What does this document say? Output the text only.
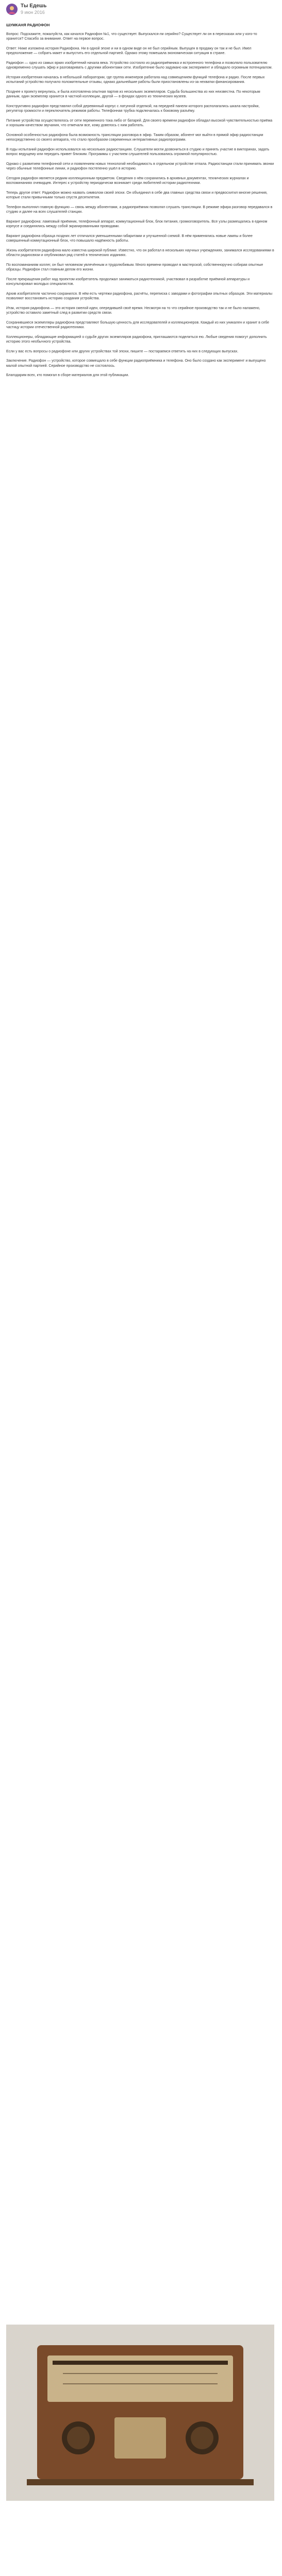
Ты Едешь
9 июн 2016

ШУМКАНЯ РАДИОФОН

Вопрос: Подскажите, пожалуйста, как качался Радиофон №1, что существует. Выпускался-ли серийно? Существует ли он в пересказах или у кого-то хранится? Спасибо за внимание. Ответ на первое вопрос.

Ответ: Ниже изложена история Радиофона. Ни в одной эпохе и ни в одном виде он не был серийным. Выпущен в продажу он так и не был. Имел предположение — собрать макет и выпустить его отдельной партией. Однако этому помешала экономическая ситуация в стране.

Радиофон — одно из самых ярких изобретений начала века. Устройство состояло из радиоприёмника и встроенного телефона и позволяло пользователю одновременно слушать эфир и разговаривать с другими абонентами сети. Изобретение было задумано как эксперимент и обладало огромным потенциалом.

История изобретения началась в небольшой лаборатории, где группа инженеров работала над совмещением функций телефона и радио. После первых испытаний устройство получило положительные отзывы, однако дальнейшие работы были приостановлены из-за нехватки финансирования.

Позднее к проекту вернулись, и была изготовлена опытная партия из нескольких экземпляров. Судьба большинства из них неизвестна. По некоторым данным, один экземпляр хранится в частной коллекции, другой — в фондах одного из технических музеев.

Конструктивно радиофон представлял собой деревянный корпус с латунной отделкой, на передней панели которого располагались шкала настройки, регулятор громкости и переключатель режимов работы. Телефонная трубка подключалась к боковому разъёму.

Питание устройства осуществлялось от сети переменного тока либо от батарей. Для своего времени радиофон обладал высокой чувствительностью приёма и хорошим качеством звучания, что отмечали все, кому довелось с ним работать.

Основной особенностью радиофона была возможность трансляции разговора в эфир. Таким образом, абонент мог выйти в прямой эфир радиостанции непосредственно со своего аппарата, что стало прообразом современных интерактивных радиопрограмм.

В годы испытаний радиофон использовался на нескольких радиостанциях. Слушатели могли дозвониться в студию и принять участие в викторинах, задать вопрос ведущему или передать привет близким. Программы с участием слушателей пользовались огромной популярностью.

Однако с развитием телефонной сети и появлением новых технологий необходимость в отдельном устройстве отпала. Радиостанции стали принимать звонки через обычные телефонные линии, и радиофон постепенно ушёл в историю.

Сегодня радиофон является редким коллекционным предметом. Сведения о нём сохранились в архивных документах, технических журналах и воспоминаниях очевидцев. Интерес к устройству периодически возникает среди любителей истории радиотехники.

Теперь другое ответ: Радиофон можно назвать символом своей эпохи. Он объединил в себе два главных средства связи и предвосхитил многие решения, которые стали привычными только спустя десятилетия.

Телефон выполнял главную функцию — связь между абонентами, а радиоприёмник позволял слушать трансляции. В режиме эфира разговор передавался в студию и далее на всех слушателей станции.

Вариант радиофона: ламповый приёмник, телефонный аппарат, коммутационный блок, блок питания, громкоговоритель. Все узлы размещались в едином корпусе и соединялись между собой экранированными проводами.

Вариант радиофона образца поздних лет отличался уменьшенными габаритами и улучшенной схемой. В нём применялись новые лампы и более совершенный коммутационный блок, что повышало надёжность работы.

Жизнь изобретателя радиофона мало известна широкой публике. Известно, что он работал в нескольких научных учреждениях, занимался исследованиями в области радиосвязи и опубликовал ряд статей в технических изданиях.

По воспоминаниям коллег, он был человеком увлечённым и трудолюбивым. Много времени проводил в мастерской, собственноручно собирая опытные образцы. Радиофон стал главным делом его жизни.

После прекращения работ над проектом изобретатель продолжал заниматься радиотехникой, участвовал в разработке приёмной аппаратуры и консультировал молодых специалистов.

Архив изобретателя частично сохранился. В нём есть чертежи радиофона, расчёты, переписка с заводами и фотографии опытных образцов. Эти материалы позволяют восстановить историю создания устройства.

Итак, история радиофона — это история смелой идеи, опередившей своё время. Несмотря на то что серийное производство так и не было налажено, устройство оставило заметный след в развитии средств связи.

Сохранившиеся экземпляры радиофона представляют большую ценность для исследователей и коллекционеров. Каждый из них уникален и хранит в себе частицу истории отечественной радиотехники.

Коллекционеры, обладающие информацией о судьбе других экземпляров радиофона, приглашаются поделиться ею. Любые сведения помогут дополнить историю этого необычного устройства.

Если у вас есть вопросы о радиофоне или других устройствах той эпохи, пишите — постараемся ответить на них в следующих выпусках.

Заключение. Радиофон — устройство, которое совмещало в себе функции радиоприёмника и телефона. Оно было создано как эксперимент и выпущено малой опытной партией. Серийное производство не состоялось.

Благодарим всех, кто помогал в сборе материалов для этой публикации.
